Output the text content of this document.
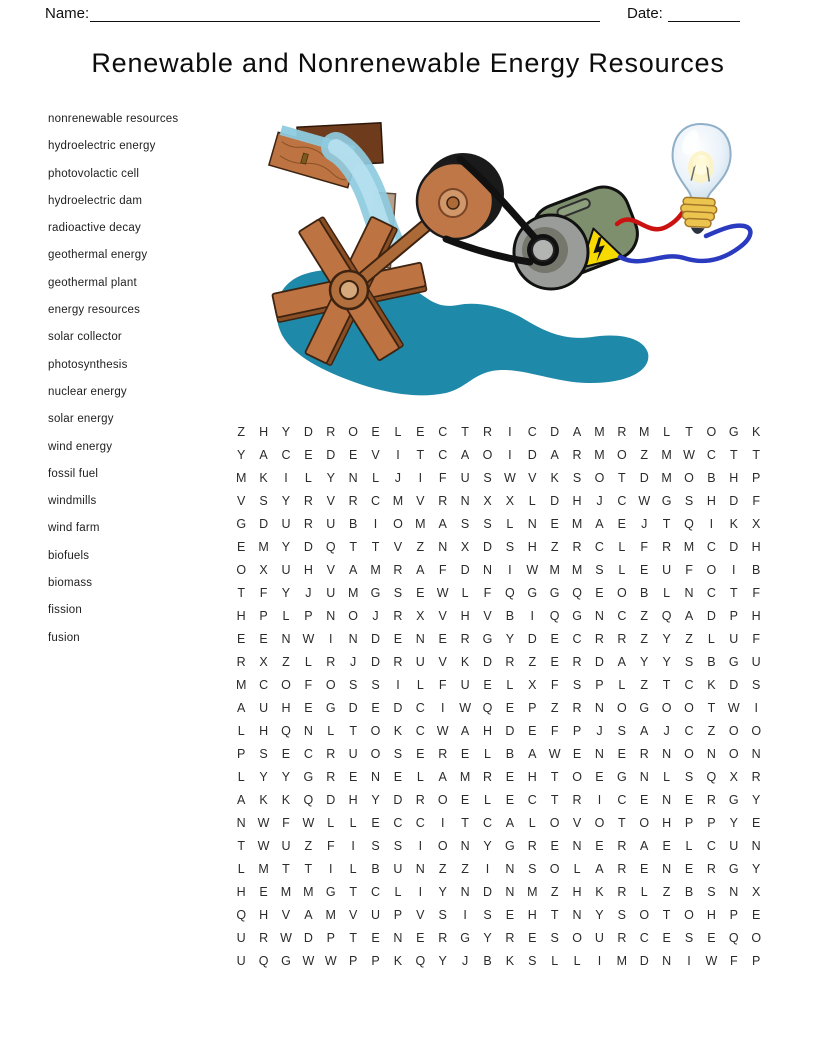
Name:	Date:
Renewable and Nonrenewable Energy Resources
nonrenewable resources
hydroelectric energy
photovolactic cell
hydroelectric dam
radioactive decay
geothermal energy
geothermal plant
energy resources
solar collector
photosynthesis
nuclear energy
solar energy
wind energy
fossil fuel
windmills
wind farm
biofuels
biomass
fission
fusion
Z	H	Y	D	R	O	E	L	E	C	T	R	I	C	D	A	M	R	M	L	T	O	G	K
Y	A	C	E	D	E	V	I	T	C	A	O	I	D	A	R	M O	Z	M W C	T	T
M	K	I	L	Y	N	L	J	I	F	U	S W V	K	S	O	T	D	M O	B	H	P
V	S	Y	R	V	R	C	M	V	R	N	X	X	L	D	H	J	C W G	S	H	D	F
G	D	U	R	U	B	I	O M	A	S	S	L	N	E	M	A	E	J	T	Q	I	K	X
E	M	Y	D	Q	T	T	V	Z	N	X	D	S	H	Z	R	C	L	F	R	M	C	D	H
O	X	U	H	V	A	M	R	A	F	D	N	I	W M M	S	L	E	U	F	O	I	B
T	F	Y	J	U	M G	S	E W	L	F	Q	G	G	Q	E	O	B	L	N	C	T	F
H	P	L	P	N	O	J	R	X	V	H	V	B	I	Q	G	N	C	Z	Q	A	D	P	H
E	E	N W	I	N	D	E	N	E	R	G	Y	D	E	C	R	R	Z	Y	Z	L	U	F
R	X	Z	L	R	J	D	R	U	V	K	D	R	Z	E	R	D	A	Y	Y	S	B	G	U
M	C	O	F	O	S	S	I	L	F	U	E	L	X	F	S	P	L	Z	T	C	K	D	S
A	U	H	E	G	D	E	D	C	I	W Q	E	P	Z	R	N	O	G	O	O	T	W	I
L	H	Q	N	L	T	O	K	C W A	H	D	E	F	P	J	S	A	J	C	Z	O	O
P	S	E	C	R	U	O	S	E	R	E	L	B	A W E	N	E	R	N	O	N	O	N
L	Y	Y	G	R	E	N	E	L	A	M	R	E	H	T	O	E	G	N	L	S	Q	X	R
A	K	K	Q	D	H	Y	D	R	O	E	L	E	C	T	R	I	C	E	N	E	R	G	Y
N W	F	W	L	L	E	C	C	I	T	C	A	L	O	V	O	T	O	H	P	P	Y	E
T	W U	Z	F	I	S	S	I	O	N	Y	G	R	E	N	E	R	A	E	L	C	U	N
L	M	T	T	I	L	B	U	N	Z	Z	I	N	S	O	L	A	R	E	N	E	R	G	Y
H	E	M M G	T	C	L	I	Y	N	D	N	M	Z	H	K	R	L	Z	B	S	N	X
Q	H	V	A	M	V	U	P	V	S	I	S	E	H	T	N	Y	S	O	T	O	H	P	E
U	R W D	P	T	E	N	E	R	G	Y	R	E	S	O	U	R	C	E	S	E	Q	O
U	Q	G W W P	P	K	Q	Y	J	B	K	S	L	L	I	M	D	N	I	W	F	P
